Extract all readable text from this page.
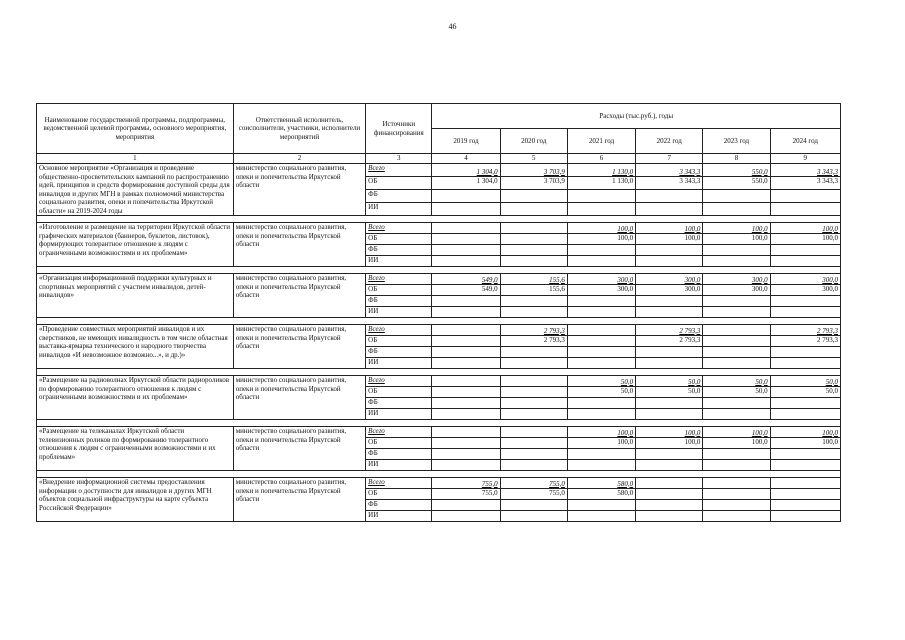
46
Наименование государственной программы, подпрограммы, ведомственной целевой программы, основного мероприятия, мероприятия	Ответственный исполнитель, соисполнители, участники, исполнители мероприятий	Источники финансирования	Расходы (тыс.руб.), годы					
			2019 год	2020 год	2021 год	2022 год	2023 год	2024 год
1	2	3	4	5	6	7	8	9
Основное мероприятие «Организация и проведение общественно-просветительских кампаний по распространению идей, принципов и средств формирования доступной среды для инвалидов и других МГН в рамках полномочий министерства социального развития, опеки и попечительства Иркутской области» на 2019-2024 годы	министерство социального развития, опеки и попечительства Иркутской области	Всего	1 304,0	3 703,9	1 130,0	3 343,3	550,0	3 343,3
		ОБ	1 304,0	3 703,9	1 130,0	3 343,3	550,0	3 343,3
		ФБ						
		ИИ						

«Изготовление и размещение на территории Иркутской области графических материалов (баннеров, буклетов, листовок), формирующих толерантное отношение к людям с ограниченными возможностями и их проблемам»	министерство социального развития, опеки и попечительства Иркутской области	Всего			100,0	100,0	100,0	100,0
		ОБ			100,0	100,0	100,0	100,0
		ФБ						
		ИИ						

«Организация информационной поддержки культурных и спортивных мероприятий с участием инвалидов, детей-инвалидов»	министерство социального развития, опеки и попечительства Иркутской области	Всего	549,0	155,6	300,0	300,0	300,0	300,0
		ОБ	549,0	155,6	300,0	300,0	300,0	300,0
		ФБ						
		ИИ						

«Проведение совместных мероприятий инвалидов и их сверстников, не имеющих инвалидность в том числе областная выставка-ярмарка технического и народного творчества инвалидов «И невозможное возможно...», и др.)»	министерство социального развития, опеки и попечительства Иркутской области	Всего		2 793,3		2 793,3		2 793,3
		ОБ		2 793,3		2 793,3		2 793,3
		ФБ						
		ИИ						

«Размещение на радиоволнах Иркутской области радиороликов по формированию толерантного отношения к людям с ограниченными возможностями и их проблемам»	министерство социального развития, опеки и попечительства Иркутской области	Всего			50,0	50,0	50,0	50,0
		ОБ			50,0	50,0	50,0	50,0
		ФБ						
		ИИ						

«Размещение на телеканалах Иркутской области телевизионных роликов по формированию толерантного отношения к людям с ограниченными возможностями и их проблемам»	министерство социального развития, опеки и попечительства Иркутской области	Всего			100,0	100,0	100,0	100,0
		ОБ			100,0	100,0	100,0	100,0
		ФБ						
		ИИ						

«Внедрение информационной системы предоставления информации о доступности для инвалидов и других МГН объектов социальной инфраструктуры на карте субъекта Российской Федерации»	министерство социального развития, опеки и попечительства Иркутской области	Всего	755,0	755,0	580,0			
		ОБ	755,0	755,0	580,0			
		ФБ						
		ИИ						
